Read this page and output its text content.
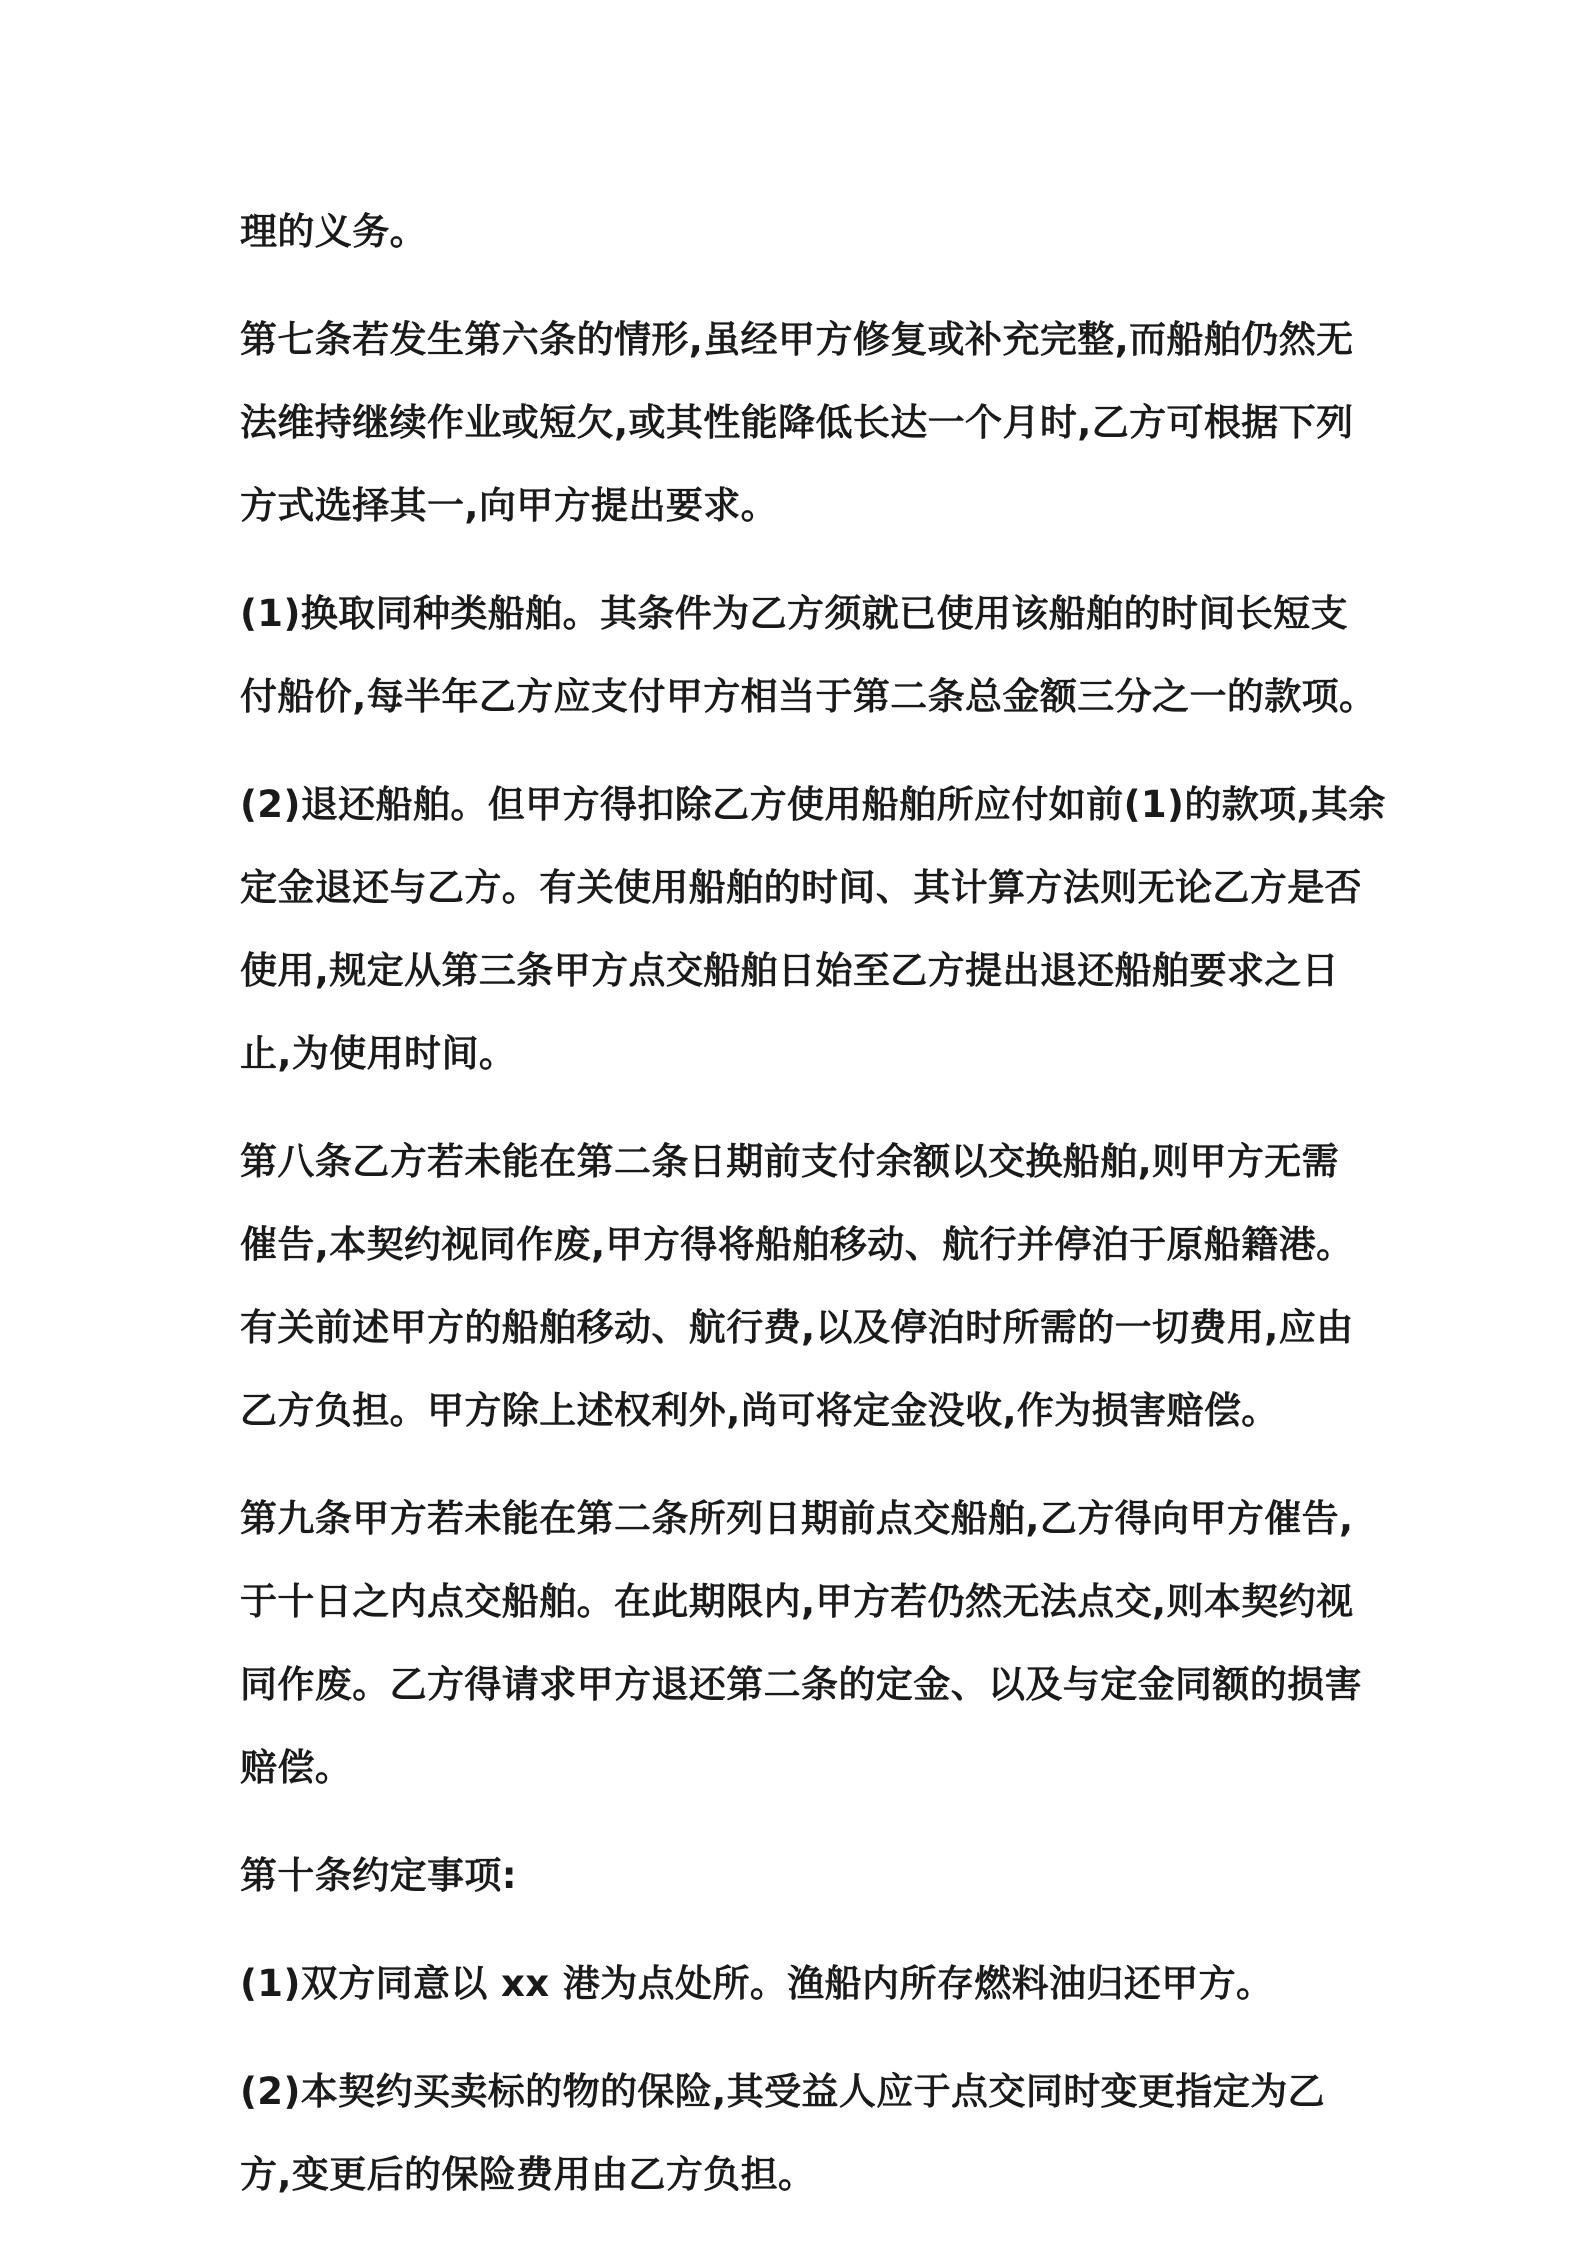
理的义务。
第七条若发生第六条的情形,虽经甲方修复或补充完整,而船舶仍然无
法维持继续作业或短欠,或其性能降低长达一个月时,乙方可根据下列
方式选择其一,向甲方提出要求。
(1)换取同种类船舶。其条件为乙方须就已使用该船舶的时间长短支
付船价,每半年乙方应支付甲方相当于第二条总金额三分之一的款项。
(2)退还船舶。但甲方得扣除乙方使用船舶所应付如前(1)的款项,其余
定金退还与乙方。有关使用船舶的时间、其计算方法则无论乙方是否
使用,规定从第三条甲方点交船舶日始至乙方提出退还船舶要求之日
止,为使用时间。
第八条乙方若未能在第二条日期前支付余额以交换船舶,则甲方无需
催告,本契约视同作废,甲方得将船舶移动、航行并停泊于原船籍港。
有关前述甲方的船舶移动、航行费,以及停泊时所需的一切费用,应由
乙方负担。甲方除上述权利外,尚可将定金没收,作为损害赔偿。
第九条甲方若未能在第二条所列日期前点交船舶,乙方得向甲方催告,
于十日之内点交船舶。在此期限内,甲方若仍然无法点交,则本契约视
同作废。乙方得请求甲方退还第二条的定金、以及与定金同额的损害
赔偿。
第十条约定事项:
(1)双方同意以 xx 港为点处所。渔船内所存燃料油归还甲方。
(2)本契约买卖标的物的保险,其受益人应于点交同时变更指定为乙
方,变更后的保险费用由乙方负担。
